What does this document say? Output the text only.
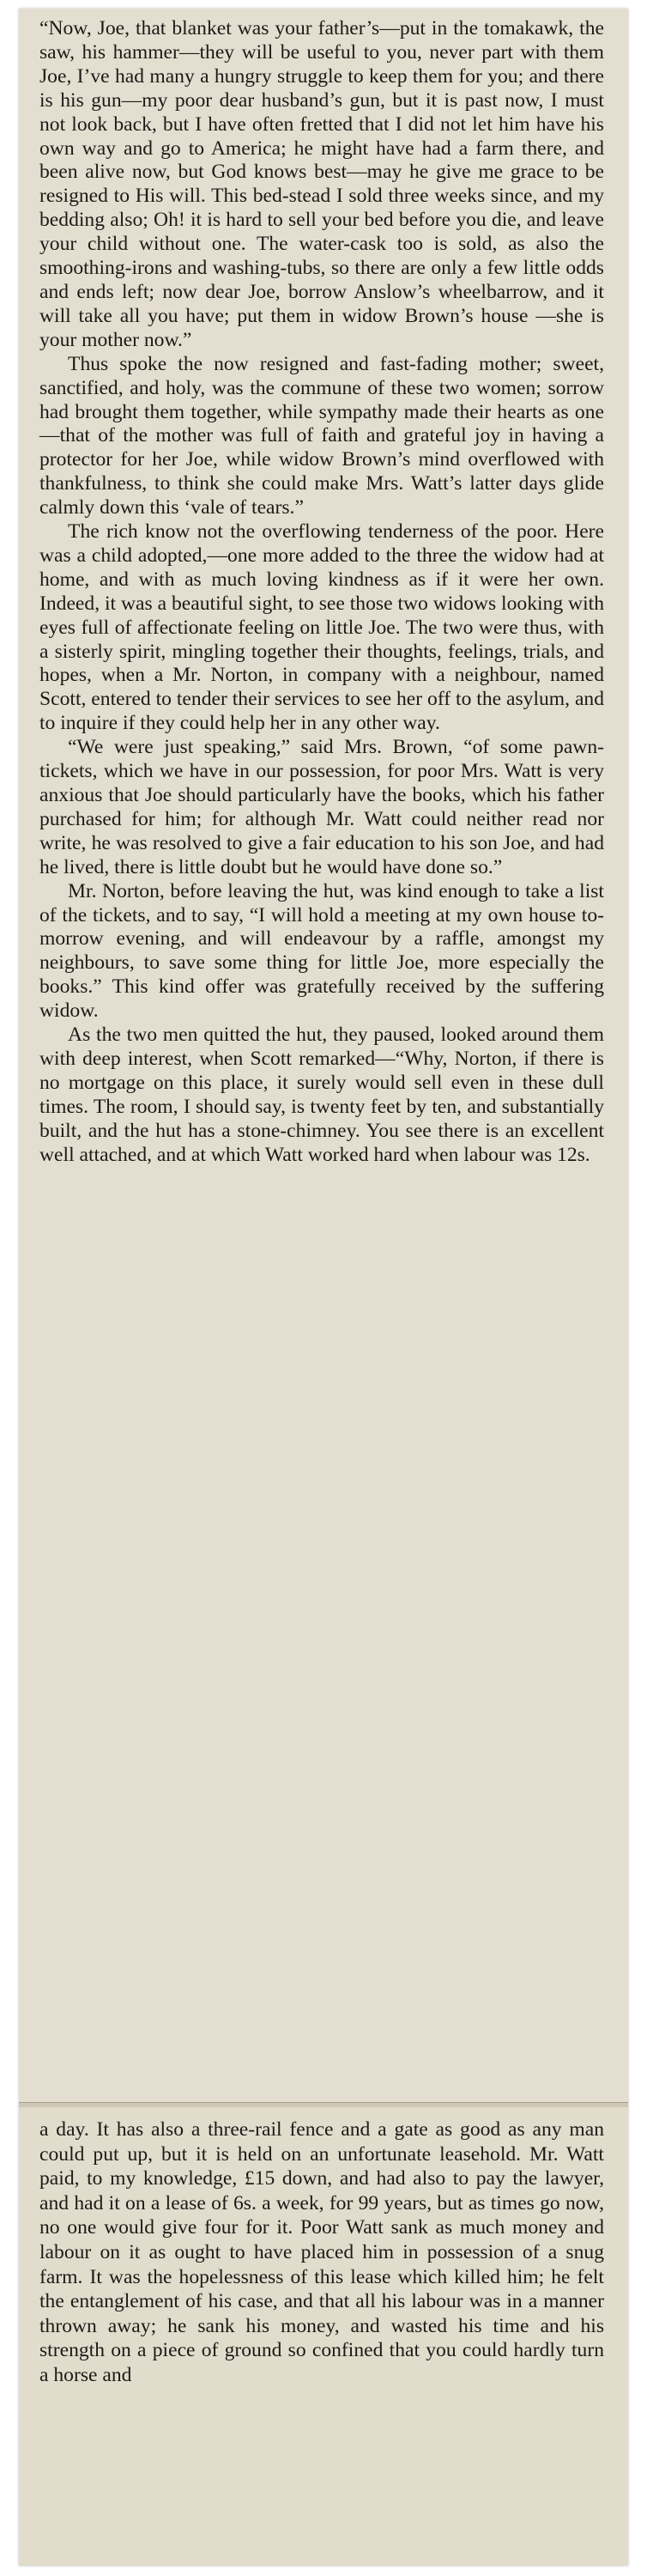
“Now, Joe, that blanket was your father’s—put in the tomakawk, the saw, his hammer—they will be useful to you, never part with them Joe, I’ve had many a hungry struggle to keep them for you; and there is his gun—my poor dear husband’s gun, but it is past now, I must not look back, but I have often fretted that I did not let him have his own way and go to America; he might have had a farm there, and been alive now, but God knows best—may he give me grace to be resigned to His will. This bed-stead I sold three weeks since, and my bedding also; Oh! it is hard to sell your bed before you die, and leave your child without one. The water-cask too is sold, as also the smoothing-irons and washing-tubs, so there are only a few little odds and ends left; now dear Joe, borrow Anslow’s wheelbarrow, and it will take all you have; put them in widow Brown’s house —she is your mother now.”

Thus spoke the now resigned and fast-fading mother; sweet, sanctified, and holy, was the commune of these two women; sorrow had brought them together, while sympathy made their hearts as one—that of the mother was full of faith and grateful joy in having a protector for her Joe, while widow Brown’s mind overflowed with thankfulness, to think she could make Mrs. Watt’s latter days glide calmly down this ‘vale of tears.”

The rich know not the overflowing tenderness of the poor. Here was a child adopted,—one more added to the three the widow had at home, and with as much loving kindness as if it were her own. Indeed, it was a beautiful sight, to see those two widows looking with eyes full of affectionate feeling on little Joe. The two were thus, with a sisterly spirit, mingling together their thoughts, feelings, trials, and hopes, when a Mr. Norton, in company with a neighbour, named Scott, entered to tender their services to see her off to the asylum, and to inquire if they could help her in any other way.

“We were just speaking,” said Mrs. Brown, “of some pawn-tickets, which we have in our possession, for poor Mrs. Watt is very anxious that Joe should particularly have the books, which his father purchased for him; for although Mr. Watt could neither read nor write, he was resolved to give a fair education to his son Joe, and had he lived, there is little doubt but he would have done so.”

Mr. Norton, before leaving the hut, was kind enough to take a list of the tickets, and to say, “I will hold a meeting at my own house to-morrow evening, and will endeavour by a raffle, amongst my neighbours, to save some thing for little Joe, more especially the books.” This kind offer was gratefully received by the suffering widow.

As the two men quitted the hut, they paused, looked around them with deep interest, when Scott remarked—“Why, Norton, if there is no mortgage on this place, it surely would sell even in these dull times. The room, I should say, is twenty feet by ten, and substantially built, and the hut has a stone-chimney. You see there is an excellent well attached, and at which Watt worked hard when labour was 12s.

a day. It has also a three-rail fence and a gate as good as any man could put up, but it is held on an unfortunate leasehold. Mr. Watt paid, to my knowledge, £15 down, and had also to pay the lawyer, and had it on a lease of 6s. a week, for 99 years, but as times go now, no one would give four for it. Poor Watt sank as much money and labour on it as ought to have placed him in possession of a snug farm. It was the hopelessness of this lease which killed him; he felt the entanglement of his case, and that all his labour was in a manner thrown away; he sank his money, and wasted his time and his strength on a piece of ground so confined that you could hardly turn a horse and
